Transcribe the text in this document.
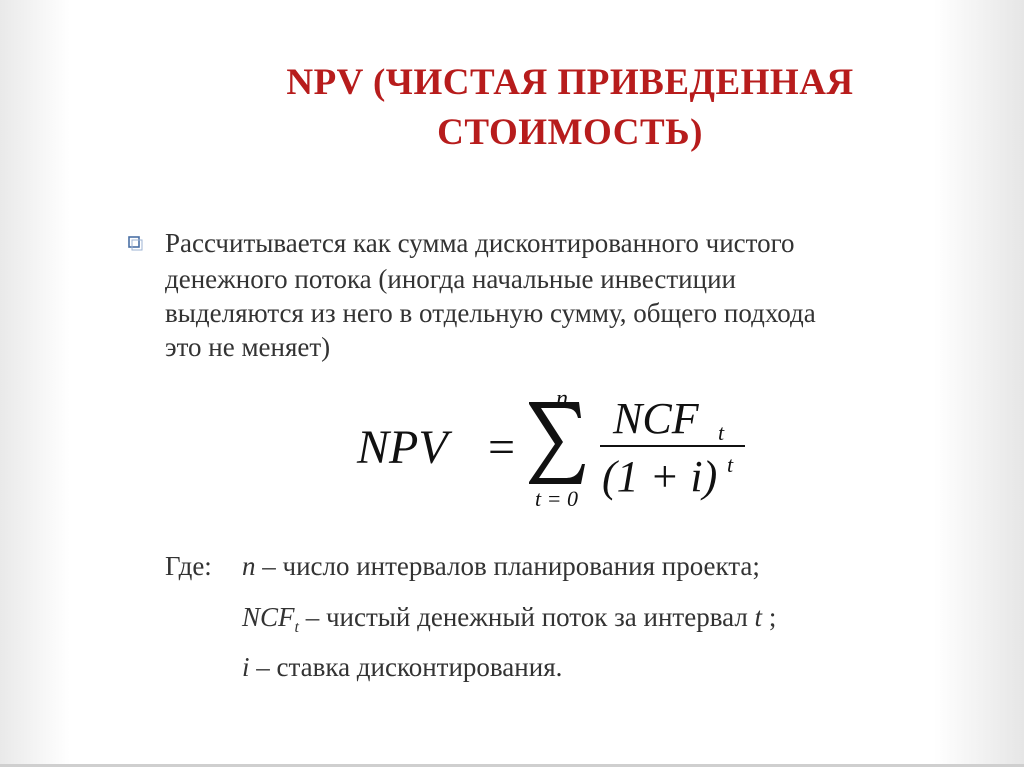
NPV (ЧИСТАЯ ПРИВЕДЕННАЯ
СТОИМОСТЬ)
Рассчитывается как сумма дисконтированного чистого
денежного потока (иногда начальные инвестиции
выделяются из него в отдельную сумму, общего подхода
это не меняет)
NPV =
n
t = 0
NCF t
(1 + i) t
Где: n – число интервалов планирования проекта;
$NCF_t$ – чистый денежный поток за интервал t ;
i – ставка дисконтирования.
